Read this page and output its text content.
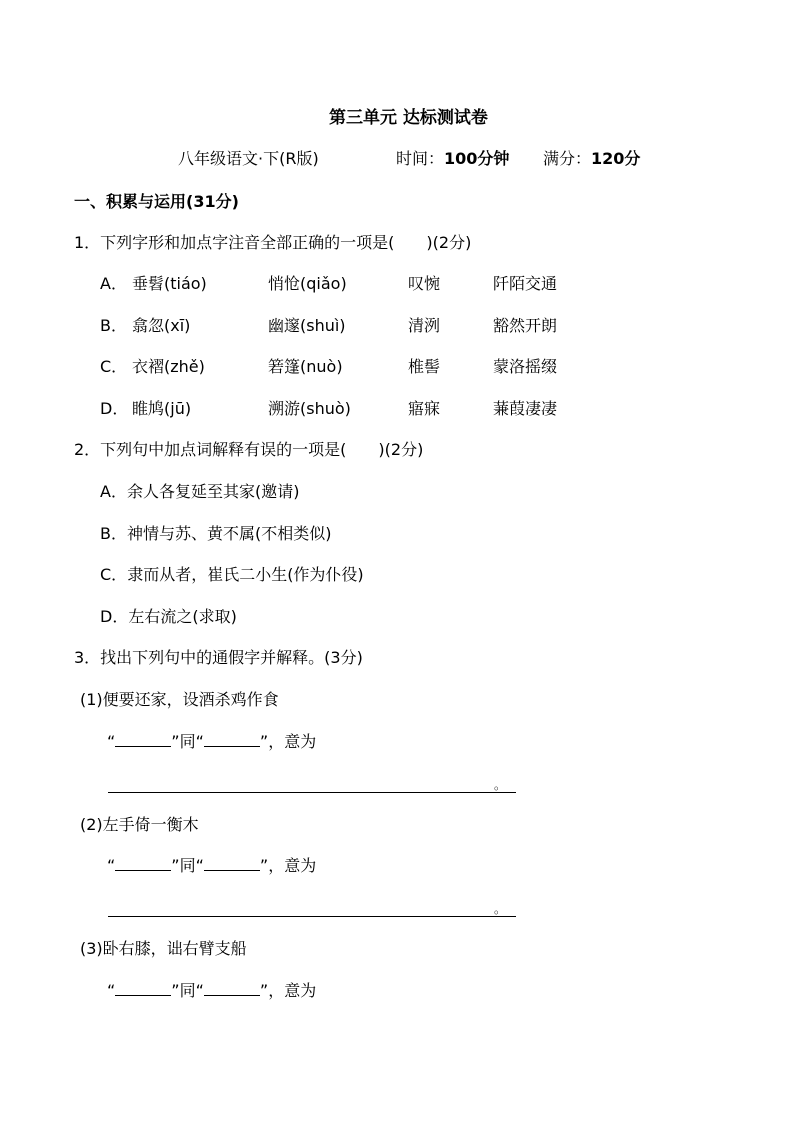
第三单元 达标测试卷
八年级语文·下(R版)	时间：100分钟 满分：120分
一、积累与运用(31分)
1．下列字形和加点字注音全部正确的一项是(　　)(2分)
A． 垂髫(tiáo)	悄怆(qiǎo)	叹惋	阡陌交通
B． 翕忽(xī)	幽邃(shuì)	清洌	豁然开朗
C． 衣褶(zhě)	箬篷(nuò)	椎髻	蒙洛摇缀
D． 睢鸠(jū)	溯游(shuò)	寤寐	蒹葭凄凄
2．下列句中加点词解释有误的一项是(　　)(2分)
A．余人各复延至其家(邀请)
B．神情与苏、黄不属(不相类似)
C．隶而从者，崔氏二小生(作为仆役)
D．左右流之(求取)
3．找出下列句中的通假字并解释。(3分)
(1)便要还家，设酒杀鸡作食
“	”同“	”，意为
。
(2)左手倚一衡木
“	”同“	”，意为
。
(3)卧右膝，诎右臂支船
“	”同“	”，意为
